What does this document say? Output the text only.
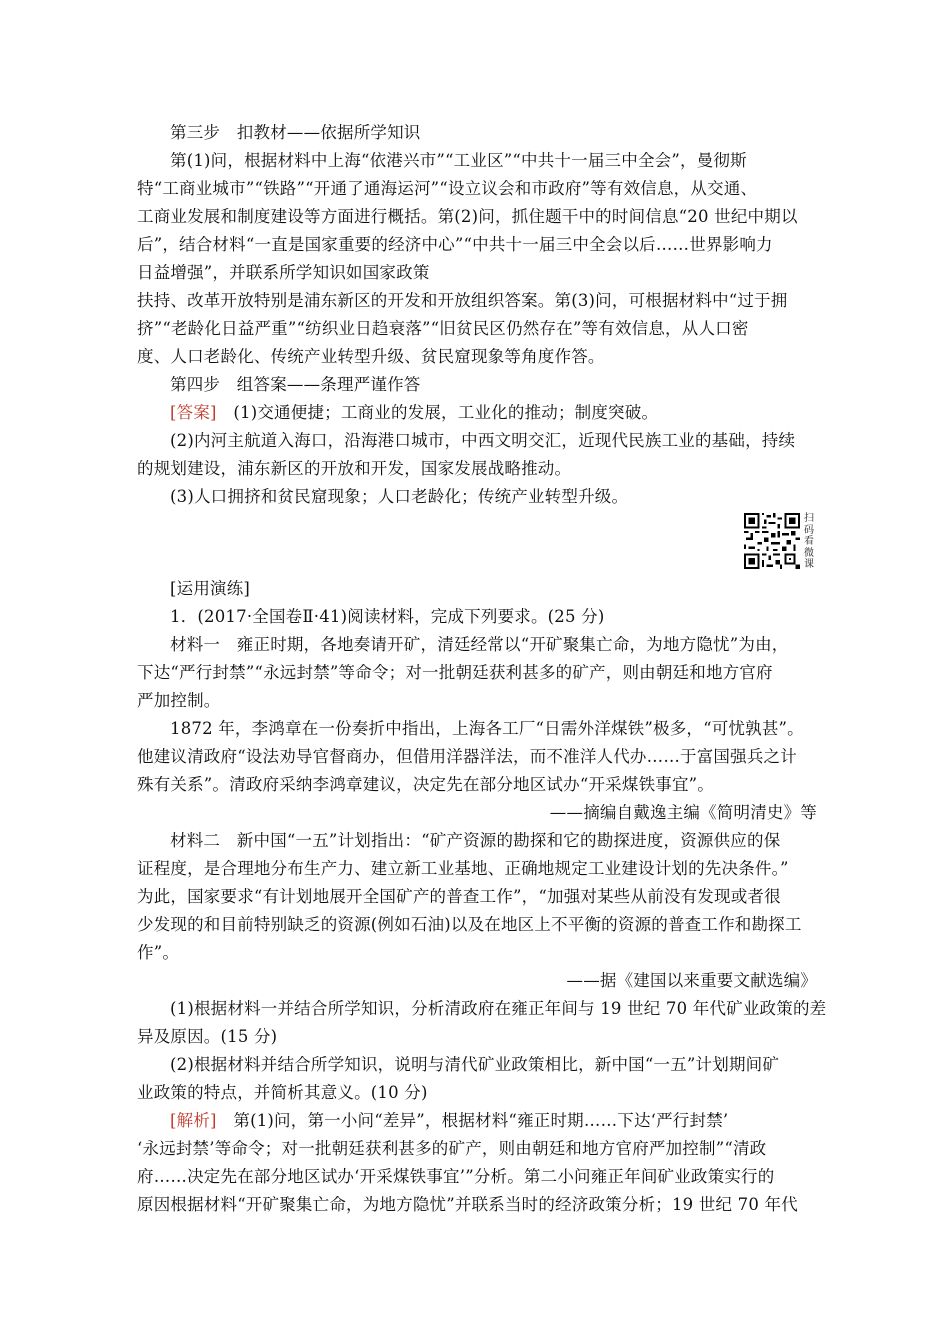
第三步　扣教材——依据所学知识
第(1)问，根据材料中上海“依港兴市”“工业区”“中共十一届三中全会”，曼彻斯
特“工商业城市”“铁路”“开通了通海运河”“设立议会和市政府”等有效信息，从交通、
工商业发展和制度建设等方面进行概括。第(2)问，抓住题干中的时间信息“20 世纪中期以
后”，结合材料“一直是国家重要的经济中心”“中共十一届三中全会以后……世界影响力
日益增强”，并联系所学知识如国家政策
扶持、改革开放特别是浦东新区的开发和开放组织答案。第(3)问，可根据材料中“过于拥
挤”“老龄化日益严重”“纺织业日趋衰落”“旧贫民区仍然存在”等有效信息，从人口密
度、人口老龄化、传统产业转型升级、贫民窟现象等角度作答。
第四步　组答案——条理严谨作答
[答案]　(1)交通便捷；工商业的发展，工业化的推动；制度突破。
(2)内河主航道入海口，沿海港口城市，中西文明交汇，近现代民族工业的基础，持续
的规划建设，浦东新区的开放和开发，国家发展战略推动。
(3)人口拥挤和贫民窟现象；人口老龄化；传统产业转型升级。
扫码看微课
[运用演练]
1．(2017·全国卷Ⅱ·41)阅读材料，完成下列要求。(25 分)
材料一　雍正时期，各地奏请开矿，清廷经常以“开矿聚集亡命，为地方隐忧”为由，
下达“严行封禁”“永远封禁”等命令；对一批朝廷获利甚多的矿产，则由朝廷和地方官府
严加控制。
1872 年，李鸿章在一份奏折中指出，上海各工厂“日需外洋煤铁”极多，“可忧孰甚”。
他建议清政府“设法劝导官督商办，但借用洋器洋法，而不准洋人代办……于富国强兵之计
殊有关系”。清政府采纳李鸿章建议，决定先在部分地区试办“开采煤铁事宜”。
——摘编自戴逸主编《简明清史》等
材料二　新中国“一五”计划指出：“矿产资源的勘探和它的勘探进度，资源供应的保
证程度，是合理地分布生产力、建立新工业基地、正确地规定工业建设计划的先决条件。”
为此，国家要求“有计划地展开全国矿产的普查工作”，“加强对某些从前没有发现或者很
少发现的和目前特别缺乏的资源(例如石油)以及在地区上不平衡的资源的普查工作和勘探工
作”。
——据《建国以来重要文献选编》
(1)根据材料一并结合所学知识，分析清政府在雍正年间与 19 世纪 70 年代矿业政策的差
异及原因。(15 分)
(2)根据材料并结合所学知识，说明与清代矿业政策相比，新中国“一五”计划期间矿
业政策的特点，并简析其意义。(10 分)
[解析]　第(1)问，第一小问“差异”，根据材料“雍正时期……下达‘严行封禁’
‘永远封禁’等命令；对一批朝廷获利甚多的矿产，则由朝廷和地方官府严加控制”“清政
府……决定先在部分地区试办‘开采煤铁事宜’”分析。第二小问雍正年间矿业政策实行的
原因根据材料“开矿聚集亡命，为地方隐忧”并联系当时的经济政策分析；19 世纪 70 年代
